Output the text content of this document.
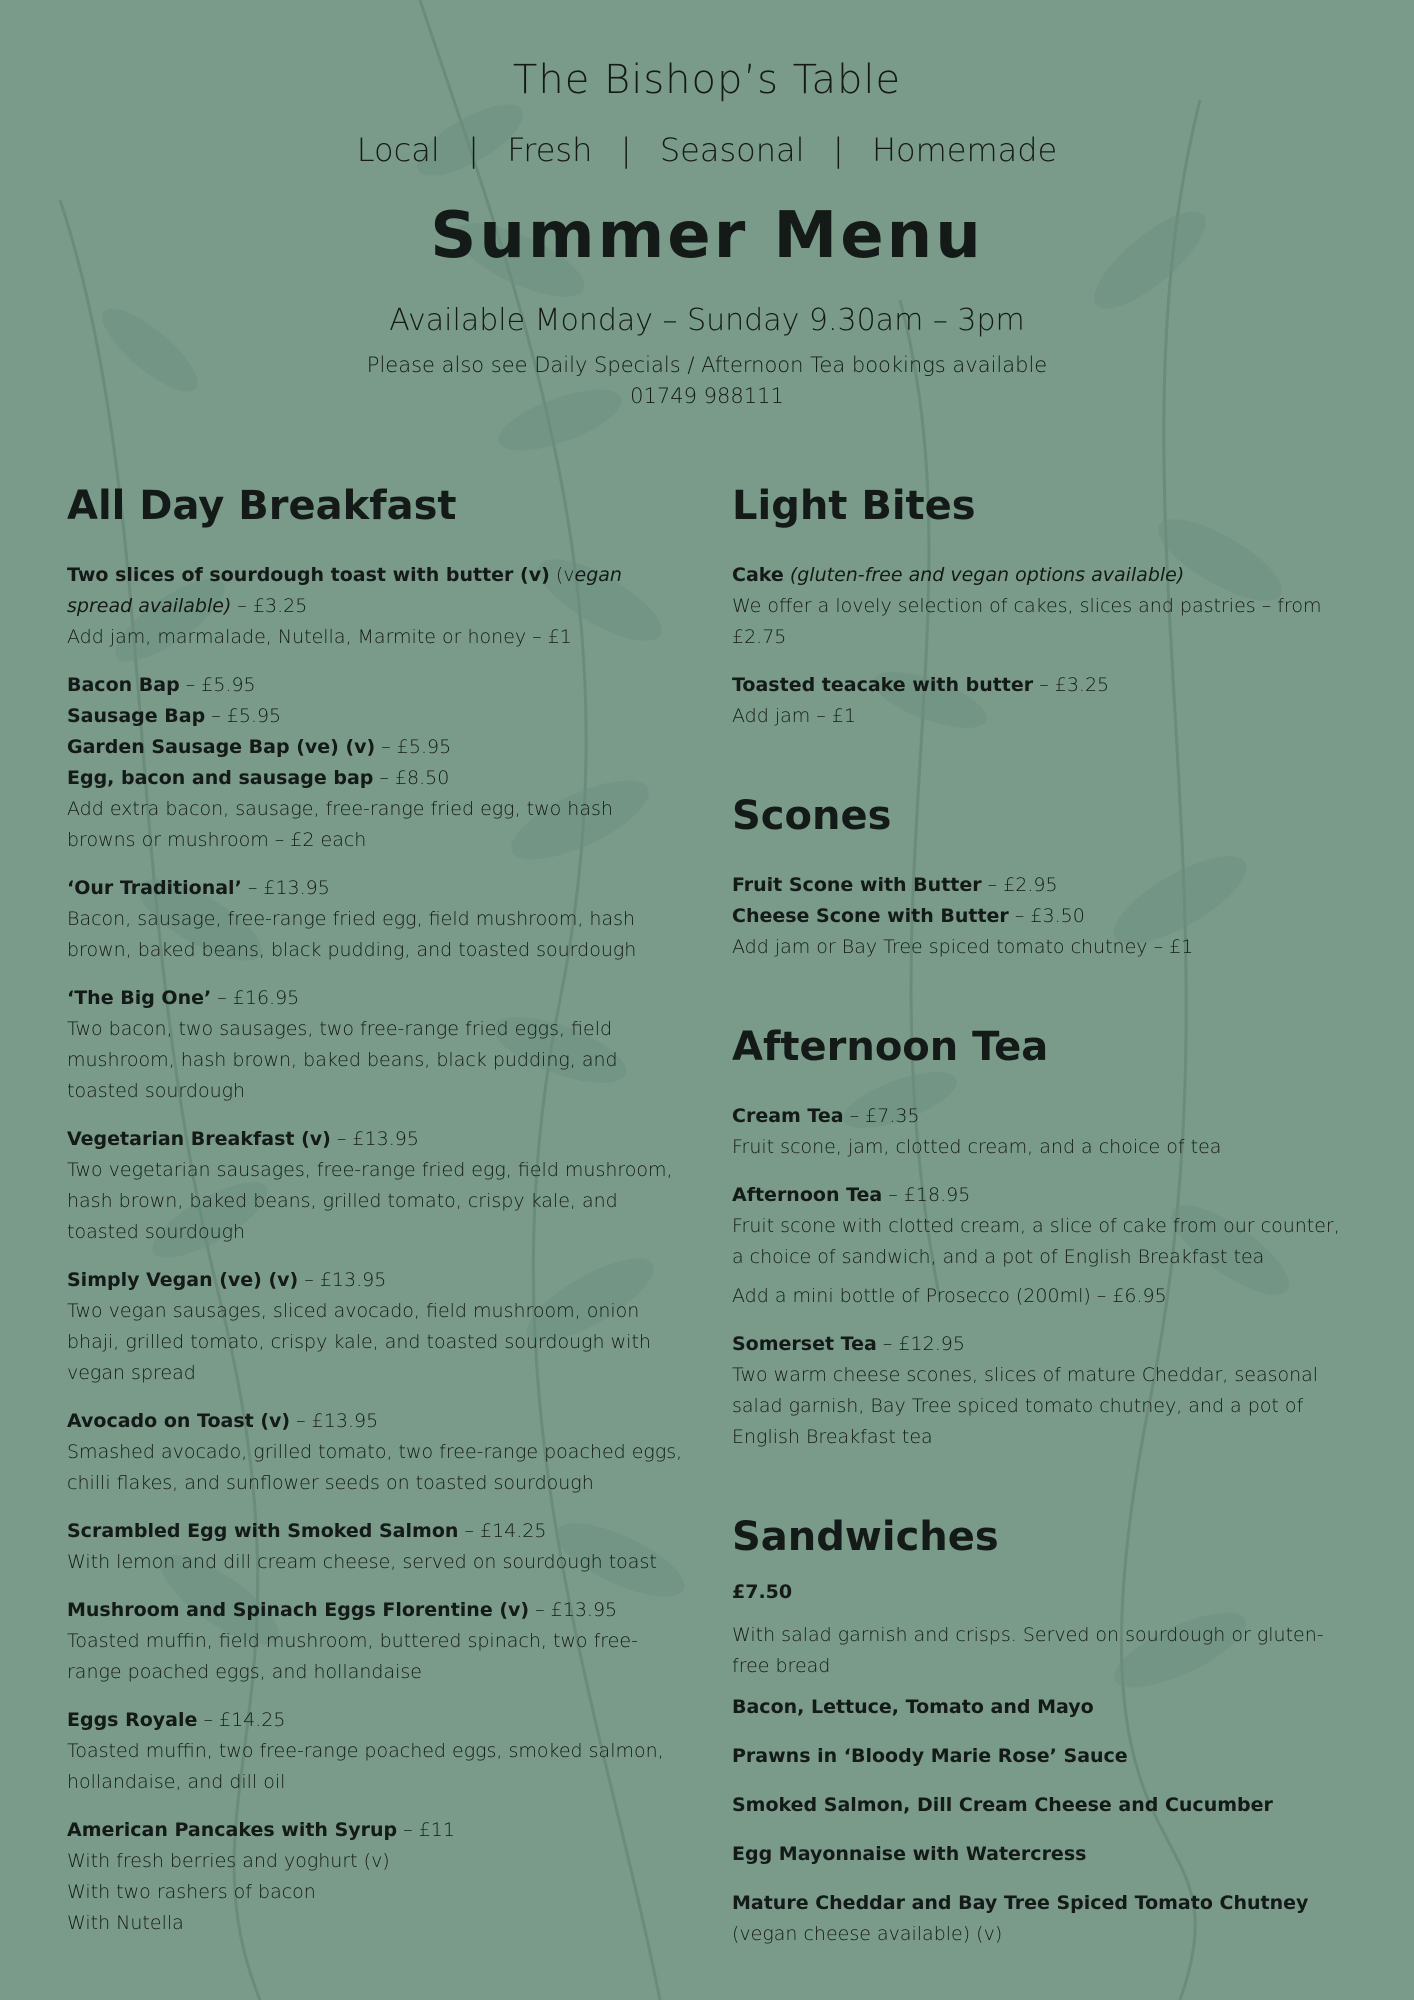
The Bishop’s Table

Local  |  Fresh  |  Seasonal  |  Homemade

Summer Menu

Available Monday – Sunday 9.30am – 3pm

Please also see Daily Specials / Afternoon Tea bookings available

01749 988111

All Day Breakfast

Two slices of sourdough toast with butter (v) (vegan spread available) – £3.25
Add jam, marmalade, Nutella, Marmite or honey – £1

Bacon Bap – £5.95
Sausage Bap – £5.95
Garden Sausage Bap (ve) (v) – £5.95
Egg, bacon and sausage bap – £8.50
Add extra bacon, sausage, free-range fried egg, two hash browns or mushroom – £2 each

‘Our Traditional’ – £13.95
Bacon, sausage, free-range fried egg, field mushroom, hash brown, baked beans, black pudding, and toasted sourdough

‘The Big One’ – £16.95
Two bacon, two sausages, two free-range fried eggs, field mushroom, hash brown, baked beans, black pudding, and toasted sourdough

Vegetarian Breakfast (v) – £13.95
Two vegetarian sausages, free-range fried egg, field mushroom, hash brown, baked beans, grilled tomato, crispy kale, and toasted sourdough

Simply Vegan (ve) (v) – £13.95
Two vegan sausages, sliced avocado, field mushroom, onion bhaji, grilled tomato, crispy kale, and toasted sourdough with vegan spread

Avocado on Toast (v) – £13.95
Smashed avocado, grilled tomato, two free-range poached eggs, chilli flakes, and sunflower seeds on toasted sourdough

Scrambled Egg with Smoked Salmon – £14.25
With lemon and dill cream cheese, served on sourdough toast

Mushroom and Spinach Eggs Florentine (v) – £13.95
Toasted muffin, field mushroom, buttered spinach, two free-range poached eggs, and hollandaise

Eggs Royale – £14.25
Toasted muffin, two free-range poached eggs, smoked salmon, hollandaise, and dill oil

American Pancakes with Syrup – £11
With fresh berries and yoghurt (v)
With two rashers of bacon
With Nutella

Light Bites

Cake (gluten-free and vegan options available)
We offer a lovely selection of cakes, slices and pastries – from £2.75

Toasted teacake with butter – £3.25
Add jam – £1

Scones

Fruit Scone with Butter – £2.95
Cheese Scone with Butter – £3.50
Add jam or Bay Tree spiced tomato chutney – £1

Afternoon Tea

Cream Tea – £7.35
Fruit scone, jam, clotted cream, and a choice of tea

Afternoon Tea – £18.95
Fruit scone with clotted cream, a slice of cake from our counter, a choice of sandwich, and a pot of English Breakfast tea

Add a mini bottle of Prosecco (200ml) – £6.95

Somerset Tea – £12.95
Two warm cheese scones, slices of mature Cheddar, seasonal salad garnish, Bay Tree spiced tomato chutney, and a pot of English Breakfast tea

Sandwiches

£7.50

With salad garnish and crisps. Served on sourdough or gluten-free bread

Bacon, Lettuce, Tomato and Mayo

Prawns in ‘Bloody Marie Rose’ Sauce

Smoked Salmon, Dill Cream Cheese and Cucumber

Egg Mayonnaise with Watercress

Mature Cheddar and Bay Tree Spiced Tomato Chutney
(vegan cheese available) (v)
